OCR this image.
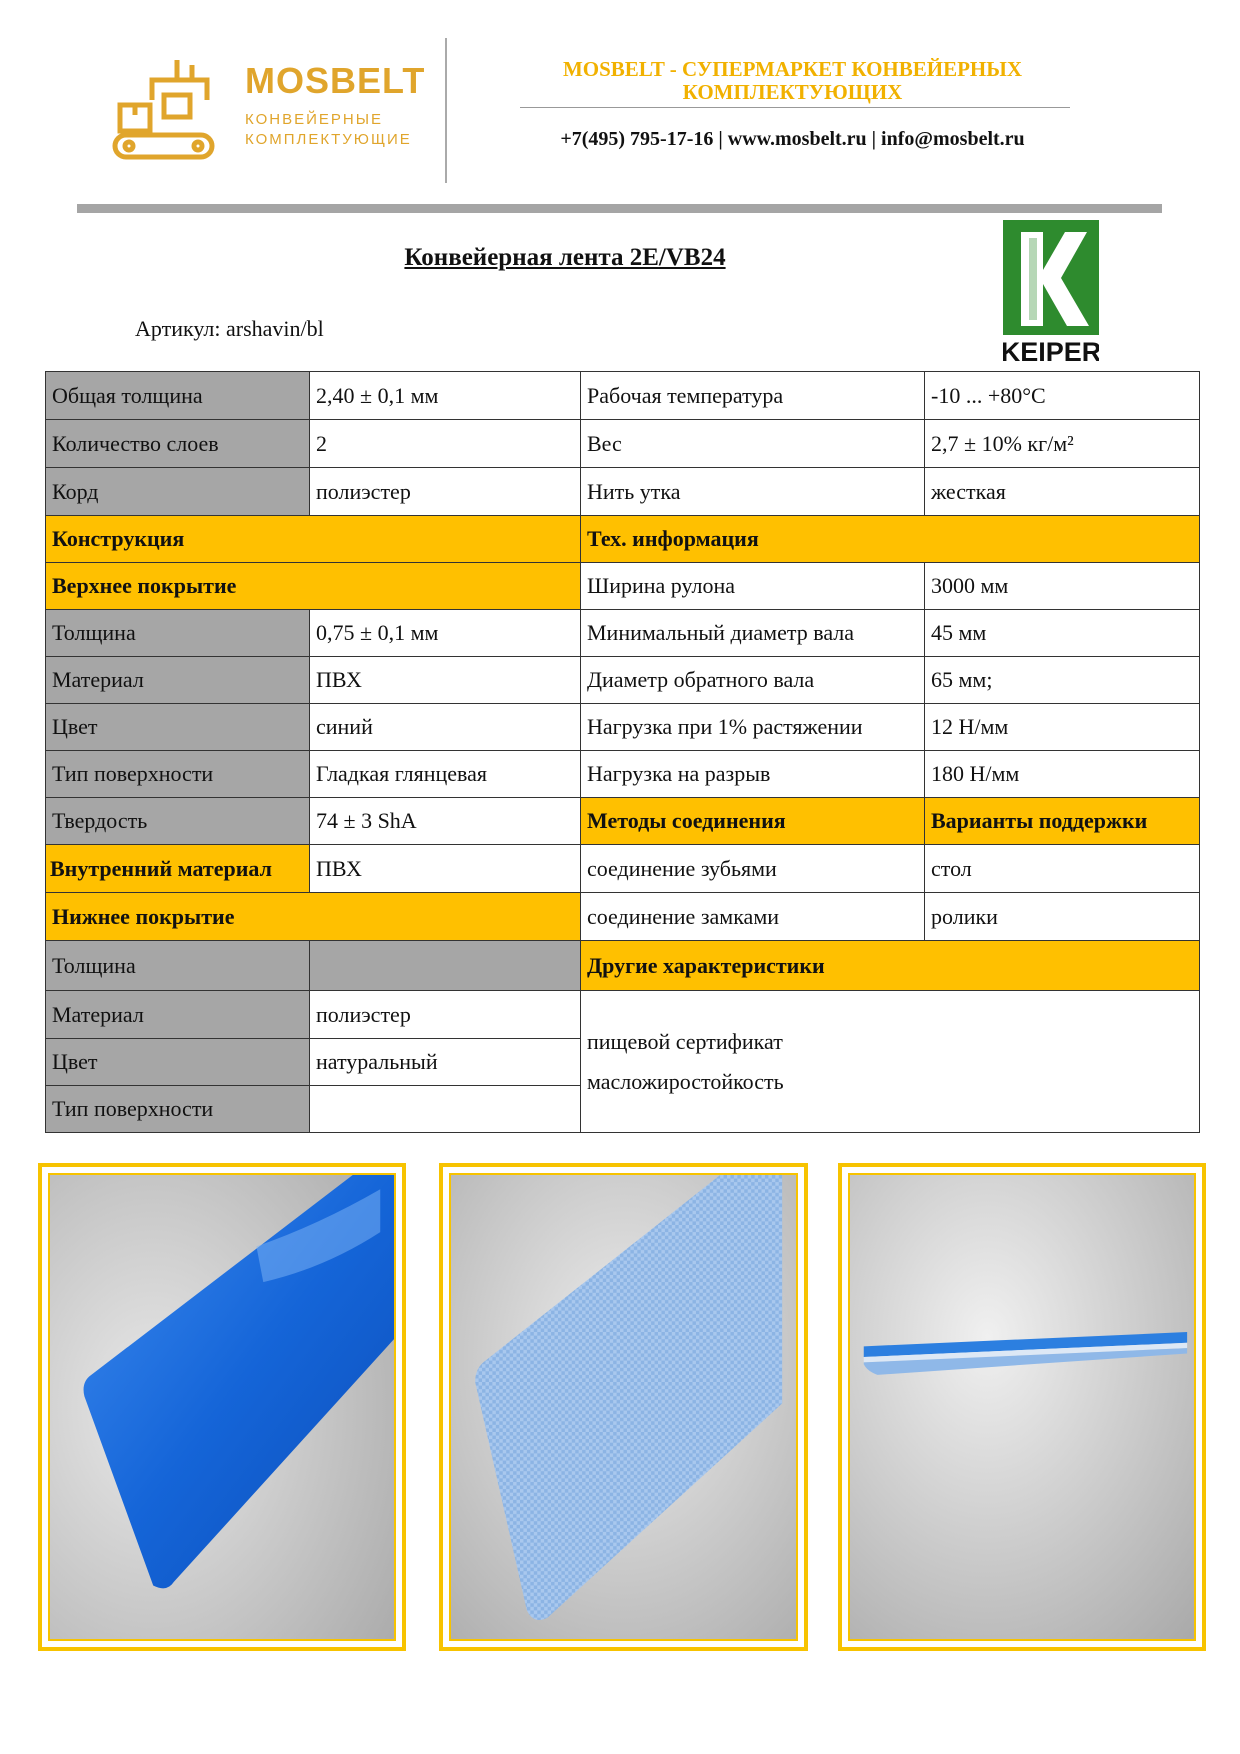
MOSBELT
КОНВЕЙЕРНЫЕ КОМПЛЕКТУЮЩИЕ
MOSBELT - СУПЕРМАРКЕТ КОНВЕЙЕРНЫХ
КОМПЛЕКТУЮЩИХ
+7(495) 795-17-16 | www.mosbelt.ru | info@mosbelt.ru
Конвейерная лента 2E/VB24
Артикул: arshavin/bl
KEIPER
Общая толщина	2,40 ± 0,1 мм	Рабочая температура	-10 ... +80°C
Количество слоев	2	Вес	2,7 ± 10% кг/м²
Корд	полиэстер	Нить утка	жесткая
Конструкция		Тех. информация	
Верхнее покрытие		Ширина рулона	3000 мм
Толщина	0,75 ± 0,1 мм	Минимальный диаметр вала	45 мм
Материал	ПВХ	Диаметр обратного вала	65 мм;
Цвет	синий	Нагрузка при 1% растяжении	12 Н/мм
Тип поверхности	Гладкая глянцевая	Нагрузка на разрыв	180 Н/мм
Твердость	74 ± 3 ShA	Методы соединения	Варианты поддержки
Внутренний материал	ПВХ	соединение зубьями	стол
Нижнее покрытие		соединение замками	ролики
Толщина		Другие характеристики	
Материал	полиэстер	пищевой сертификат
масложиростойкость	

Цвет	натуральный		
Тип поверхности			
